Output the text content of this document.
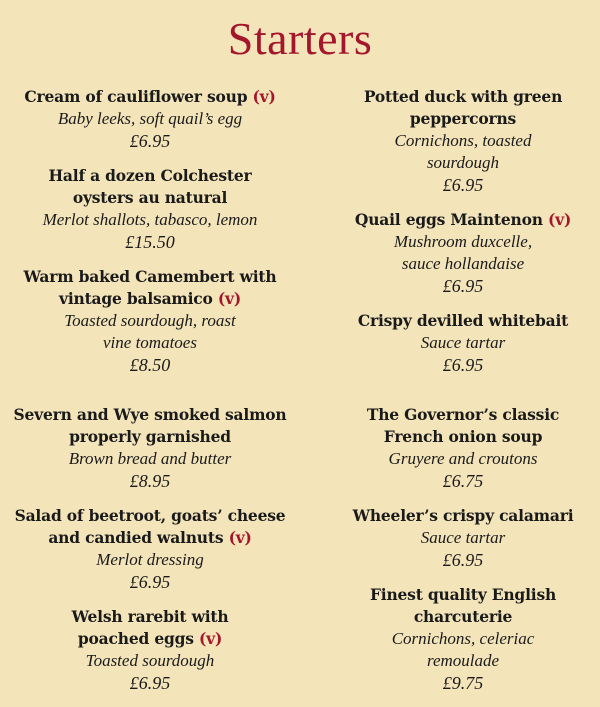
Starters
Cream of cauliflower soup (v)
Baby leeks, soft quail’s egg
£6.95
Half a dozen Colchester
oysters au natural
Merlot shallots, tabasco, lemon
£15.50
Warm baked Camembert with
vintage balsamico (v)
Toasted sourdough, roast
vine tomatoes
£8.50
Severn and Wye smoked salmon
properly garnished
Brown bread and butter
£8.95
Salad of beetroot, goats’ cheese
and candied walnuts (v)
Merlot dressing
£6.95
Welsh rarebit with
poached eggs (v)
Toasted sourdough
£6.95
Potted duck with green
peppercorns
Cornichons, toasted
sourdough
£6.95
Quail eggs Maintenon (v)
Mushroom duxcelle,
sauce hollandaise
£6.95
Crispy devilled whitebait
Sauce tartar
£6.95
The Governor’s classic
French onion soup
Gruyere and croutons
£6.75
Wheeler’s crispy calamari
Sauce tartar
£6.95
Finest quality English
charcuterie
Cornichons, celeriac
remoulade
£9.75
